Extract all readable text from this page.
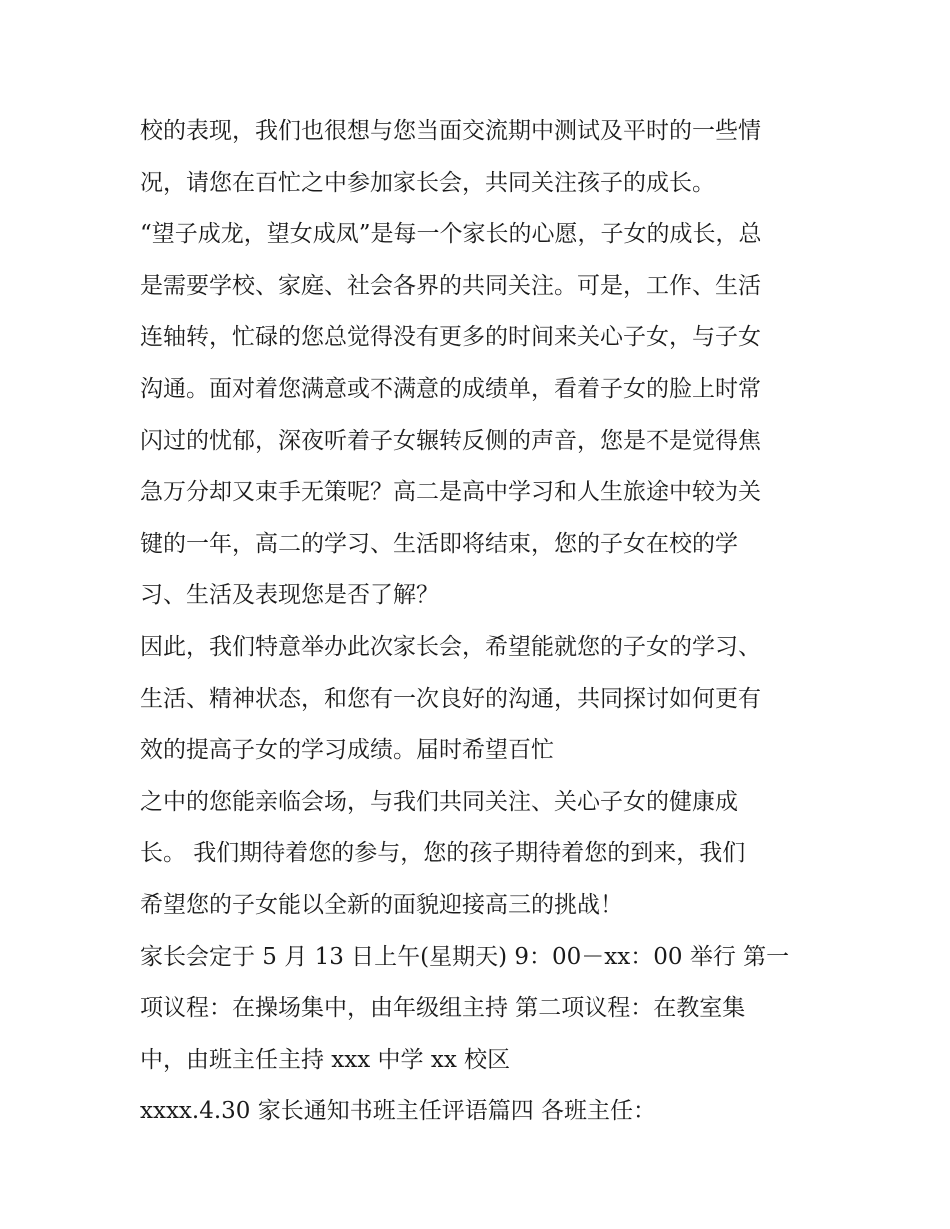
校的表现，我们也很想与您当面交流期中测试及平时的一些情
况，请您在百忙之中参加家长会，共同关注孩子的成长。
“望子成龙，望女成凤”是每一个家长的心愿，子女的成长，总
是需要学校、家庭、社会各界的共同关注。可是，工作、生活
连轴转，忙碌的您总觉得没有更多的时间来关心子女，与子女
沟通。面对着您满意或不满意的成绩单，看着子女的脸上时常
闪过的忧郁，深夜听着子女辗转反侧的声音，您是不是觉得焦
急万分却又束手无策呢？高二是高中学习和人生旅途中较为关
键的一年，高二的学习、生活即将结束，您的子女在校的学
习、生活及表现您是否了解？
因此，我们特意举办此次家长会，希望能就您的子女的学习、
生活、精神状态，和您有一次良好的沟通，共同探讨如何更有
效的提高子女的学习成绩。届时希望百忙
之中的您能亲临会场，与我们共同关注、关心子女的健康成
长。 我们期待着您的参与，您的孩子期待着您的到来，我们
希望您的子女能以全新的面貌迎接高三的挑战！
家长会定于 5 月 13 日上午(星期天) 9：00－xx：00 举行 第一
项议程：在操场集中，由年级组主持 第二项议程：在教室集
中，由班主任主持 xxx 中学 xx 校区
xxxx.4.30 家长通知书班主任评语篇四 各班主任：
